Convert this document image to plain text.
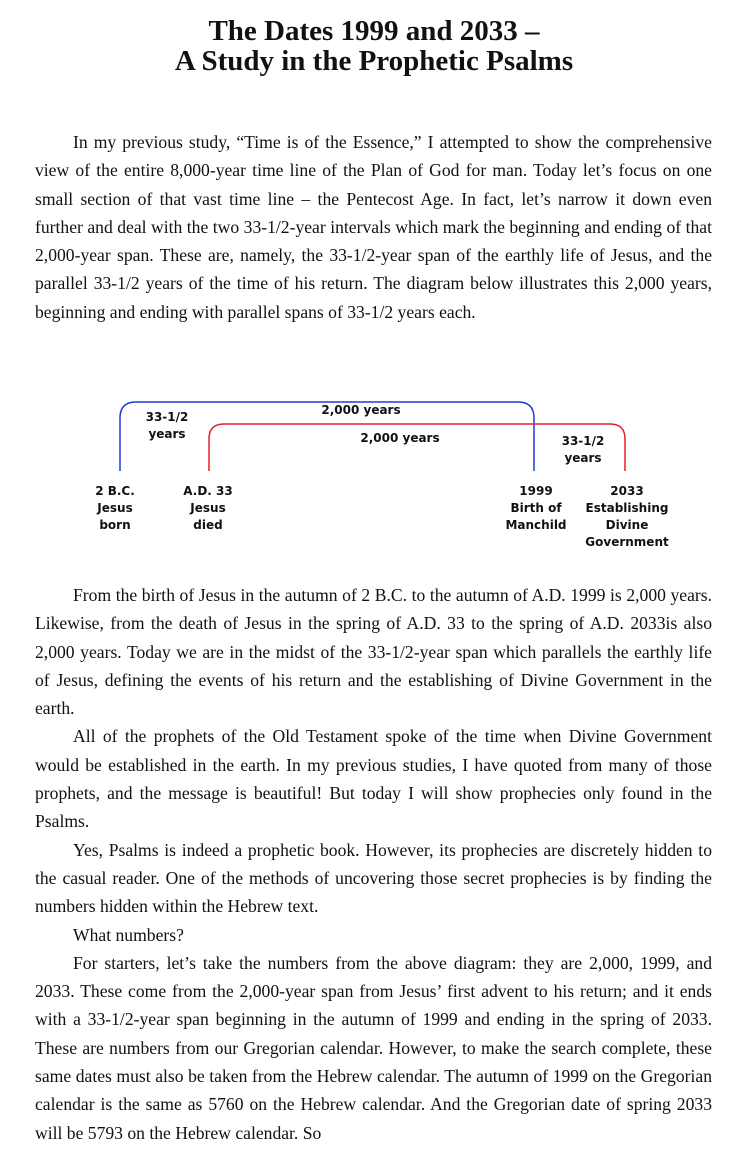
The Dates 1999 and 2033 –
A Study in the Prophetic Psalms

In my previous study, “Time is of the Essence,” I attempted to show the comprehensive view of the entire 8,000-year time line of the Plan of God for man. Today let’s focus on one small section of that vast time line – the Pentecost Age. In fact, let’s narrow it down even further and deal with the two 33-1/2-year intervals which mark the beginning and ending of that 2,000-year span. These are, namely, the 33-1/2-year span of the earthly life of Jesus, and the parallel 33-1/2 years of the time of his return. The diagram below illustrates this 2,000 years, beginning and ending with parallel spans of 33-1/2 years each.

2,000 years
2,000 years
33-1/2
years	33-1/2
years
2 B.C.
Jesus
born
A.D. 33
Jesus
died
1999
Birth of
Manchild
2033
Establishing
Divine
Government

From the birth of Jesus in the autumn of 2 B.C. to the autumn of A.D. 1999 is 2,000 years. Likewise, from the death of Jesus in the spring of A.D. 33 to the spring of A.D. 2033is also 2,000 years. Today we are in the midst of the 33-1/2-year span which parallels the earthly life of Jesus, defining the events of his return and the establishing of Divine Government in the earth.

All of the prophets of the Old Testament spoke of the time when Divine Government would be established in the earth. In my previous studies, I have quoted from many of those prophets, and the message is beautiful! But today I will show prophecies only found in the Psalms.

Yes, Psalms is indeed a prophetic book. However, its prophecies are discretely hidden to the casual reader. One of the methods of uncovering those secret prophecies is by finding the numbers hidden within the Hebrew text.

What numbers?

For starters, let’s take the numbers from the above diagram: they are 2,000, 1999, and 2033. These come from the 2,000-year span from Jesus’ first advent to his return; and it ends with a 33-1/2-year span beginning in the autumn of 1999 and ending in the spring of 2033. These are numbers from our Gregorian calendar. However, to make the search complete, these same dates must also be taken from the Hebrew calendar. The autumn of 1999 on the Gregorian calendar is the same as 5760 on the Hebrew calendar. And the Gregorian date of spring 2033 will be 5793 on the Hebrew calendar. So
